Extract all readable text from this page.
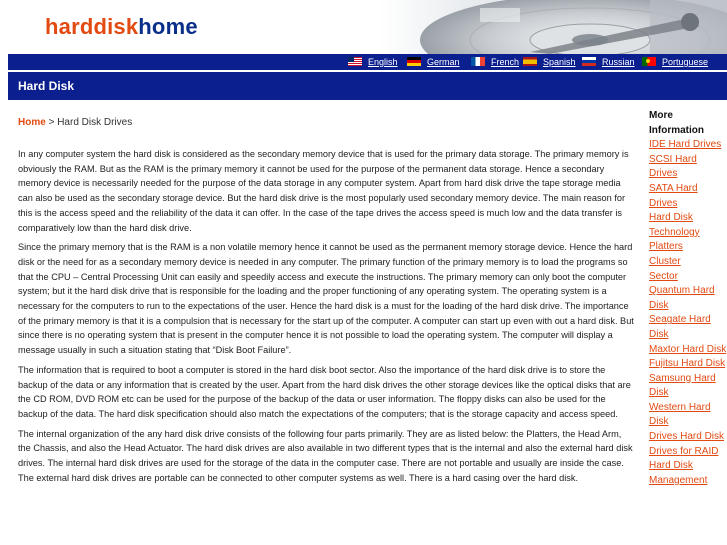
harddiskhome
English	German	French	Spanish	Russian	Portuguese
Hard Disk
Home > Hard Disk Drives

In any computer system the hard disk is considered as the secondary memory device that is used for the primary data storage. The primary memory is obviously the RAM. But as the RAM is the primary memory it cannot be used for the purpose of the permanent data storage. Hence a secondary memory device is necessarily needed for the purpose of the data storage in any computer system. Apart from hard disk drive the tape storage media can also be used as the secondary storage device. But the hard disk drive is the most popularly used secondary memory device. The main reason for this is the access speed and the reliability of the data it can offer. In the case of the tape drives the access speed is much low and the data transfer is comparatively low than the hard disk drive.

Since the primary memory that is the RAM is a non volatile memory hence it cannot be used as the permanent memory storage device. Hence the hard disk or the need for as a secondary memory device is needed in any computer. The primary function of the primary memory is to load the programs so that the CPU – Central Processing Unit can easily and speedily access and execute the instructions. The primary memory can only boot the computer system; but it the hard disk drive that is responsible for the loading and the proper functioning of any operating system. The operating system is a necessary for the computers to run to the expectations of the user. Hence the hard disk is a must for the loading of the hard disk drive. The importance of the primary memory is that it is a compulsion that is necessary for the start up of the computer. A computer can start up even with out a hard disk. But since there is no operating system that is present in the computer hence it is not possible to load the operating system. The computer will display a message usually in such a situation stating that “Disk Boot Failure”.

The information that is required to boot a computer is stored in the hard disk boot sector. Also the importance of the hard disk drive is to store the backup of the data or any information that is created by the user. Apart from the hard disk drives the other storage devices like the optical disks that are the CD ROM, DVD ROM etc can be used for the purpose of the backup of the data or user information. The floppy disks can also be used for the backup of the data. The hard disk specification should also match the expectations of the computers; that is the storage capacity and access speed.

The internal organization of the any hard disk drive consists of the following four parts primarily. They are as listed below: the Platters, the Head Arm, the Chassis, and also the Head Actuator. The hard disk drives are also available in two different types that is the internal and also the external hard disk drives. The internal hard disk drives are used for the storage of the data in the computer case. There are not portable and usually are inside the case. The external hard disk drives are portable can be connected to other computer systems as well. There is a hard casing over the hard disk.

More Information
IDE Hard Drives
SCSI Hard Drives
SATA Hard Drives
Hard Disk Technology
Platters
Cluster
Sector
Quantum Hard Disk
Seagate Hard Disk
Maxtor Hard Disk
Fujitsu Hard Disk
Samsung Hard Disk
Western Hard Disk
Drives Hard Disk Drives for RAID
Hard Disk Management
